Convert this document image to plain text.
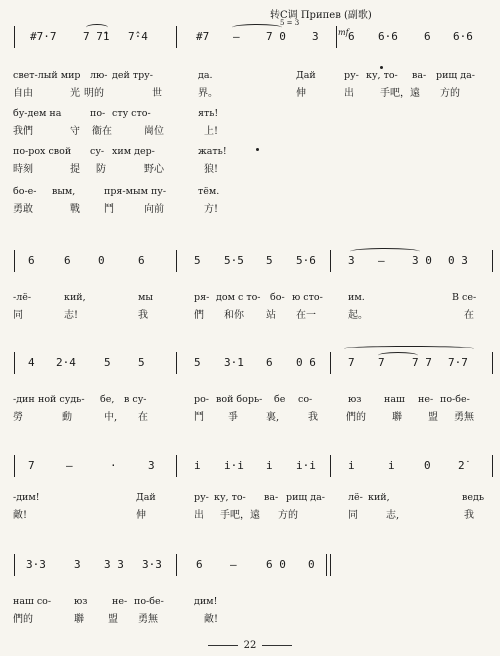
转C调 Припев (副歌)
5 = 3
mf
#7·7 7 7̂1 7̂·4	#7 — 7 0 3	6 6·6 6 6·6
свет-лый мир лю- дей тру-	да.	Дай	ру- ку, то- ва- рищ да-
自由	光 明的	世	界。	伸	出	手吧，遠 方的
бу-дем на	по- сту сто-	ять!
我們	守 衞在	崗位	上!
по-рох свой су- хим дер-	жать!
時刻	提 防	野心	狼!
бо-е- вым,	пря-мым пу-	тём.
勇敢	戰 鬥	向前	方!
6	6 0	6	5 5·5 5 5·6	3 — 3 0 0 3
-лё-	кий,	мы	ря- дом с то- бо- ю сто-	им.	В се-
同	志!	我	們 和你 站 在一	起。	在
4 2·4	5 5	5 3·1 6 0 6	7 7 7 7 7·7
-дин ной судь- бе, в су-	ро- вой борь- бе со-	юз наш не- по-бе-
勞	動	中, 在	鬥 爭	裏,	我	們的	聯	盟 勇無
7	—	·	3	i i·i i i·i	i	i	0 2̇
-дим!	Дай	ру- ку, то- ва- рищ да- лё- кий,	ведь
敵!	伸	出 手吧，遠 方的	同	志,	我
3·3	3 3 3 3·3	6 —	6 0 0
наш со- юз	не- по-бе-	дим!
們的	聯 盟 勇無	敵!
22
